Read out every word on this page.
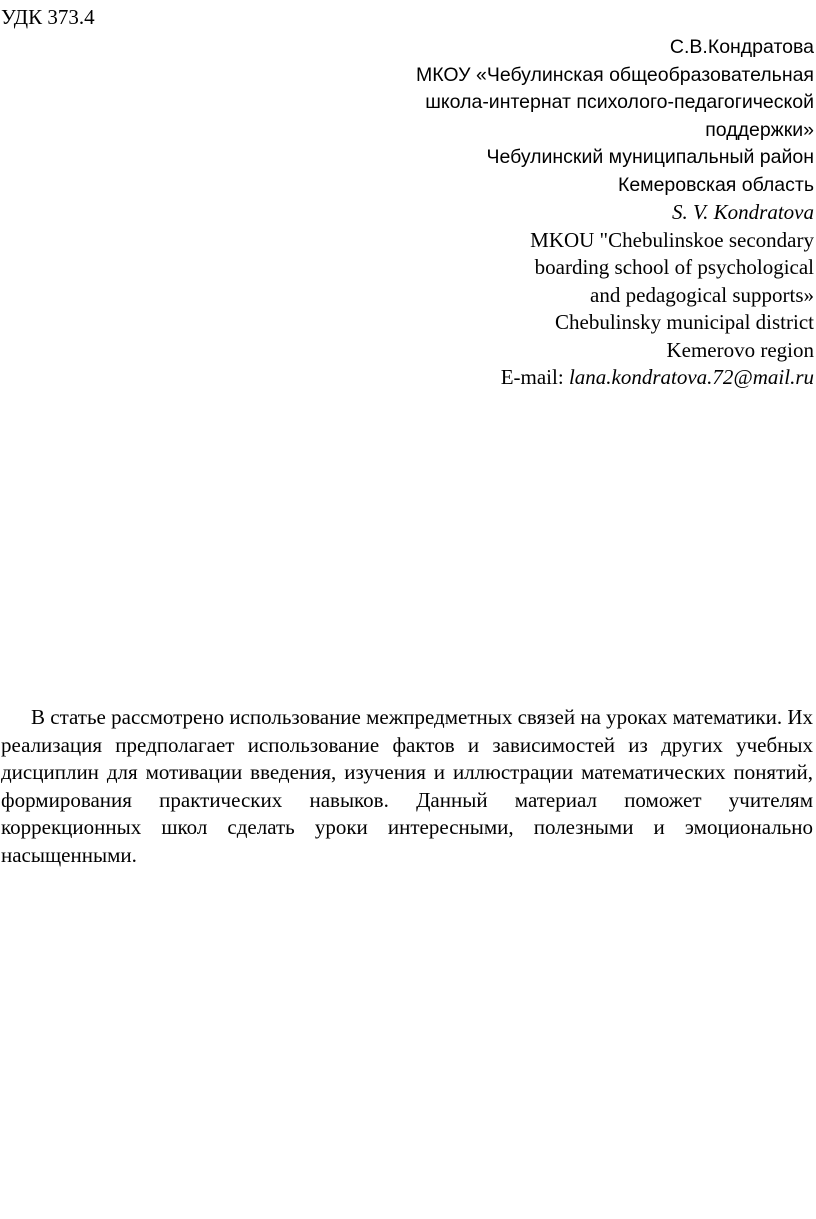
УДК 373.4
С.В.Кондратова
МКОУ «Чебулинская общеобразовательная
школа-интернат психолого-педагогической
поддержки»
Чебулинский муниципальный район
Кемеровская область
S. V. Kondratova
MKOU "Chebulinskoe secondary
boarding school of psychological
and pedagogical supports»
Chebulinsky municipal district
Kemerovo region
E-mail: lana.kondratova.72@mail.ru

В статье рассмотрено использование межпредметных связей на уроках математики. Их реализация предполагает использование фактов и зависимостей из других учебных дисциплин для мотивации введения, изучения и иллюстрации математических понятий, формирования практических навыков. Данный материал поможет учителям коррекционных школ сделать уроки интересными, полезными и эмоционально насыщенными.
